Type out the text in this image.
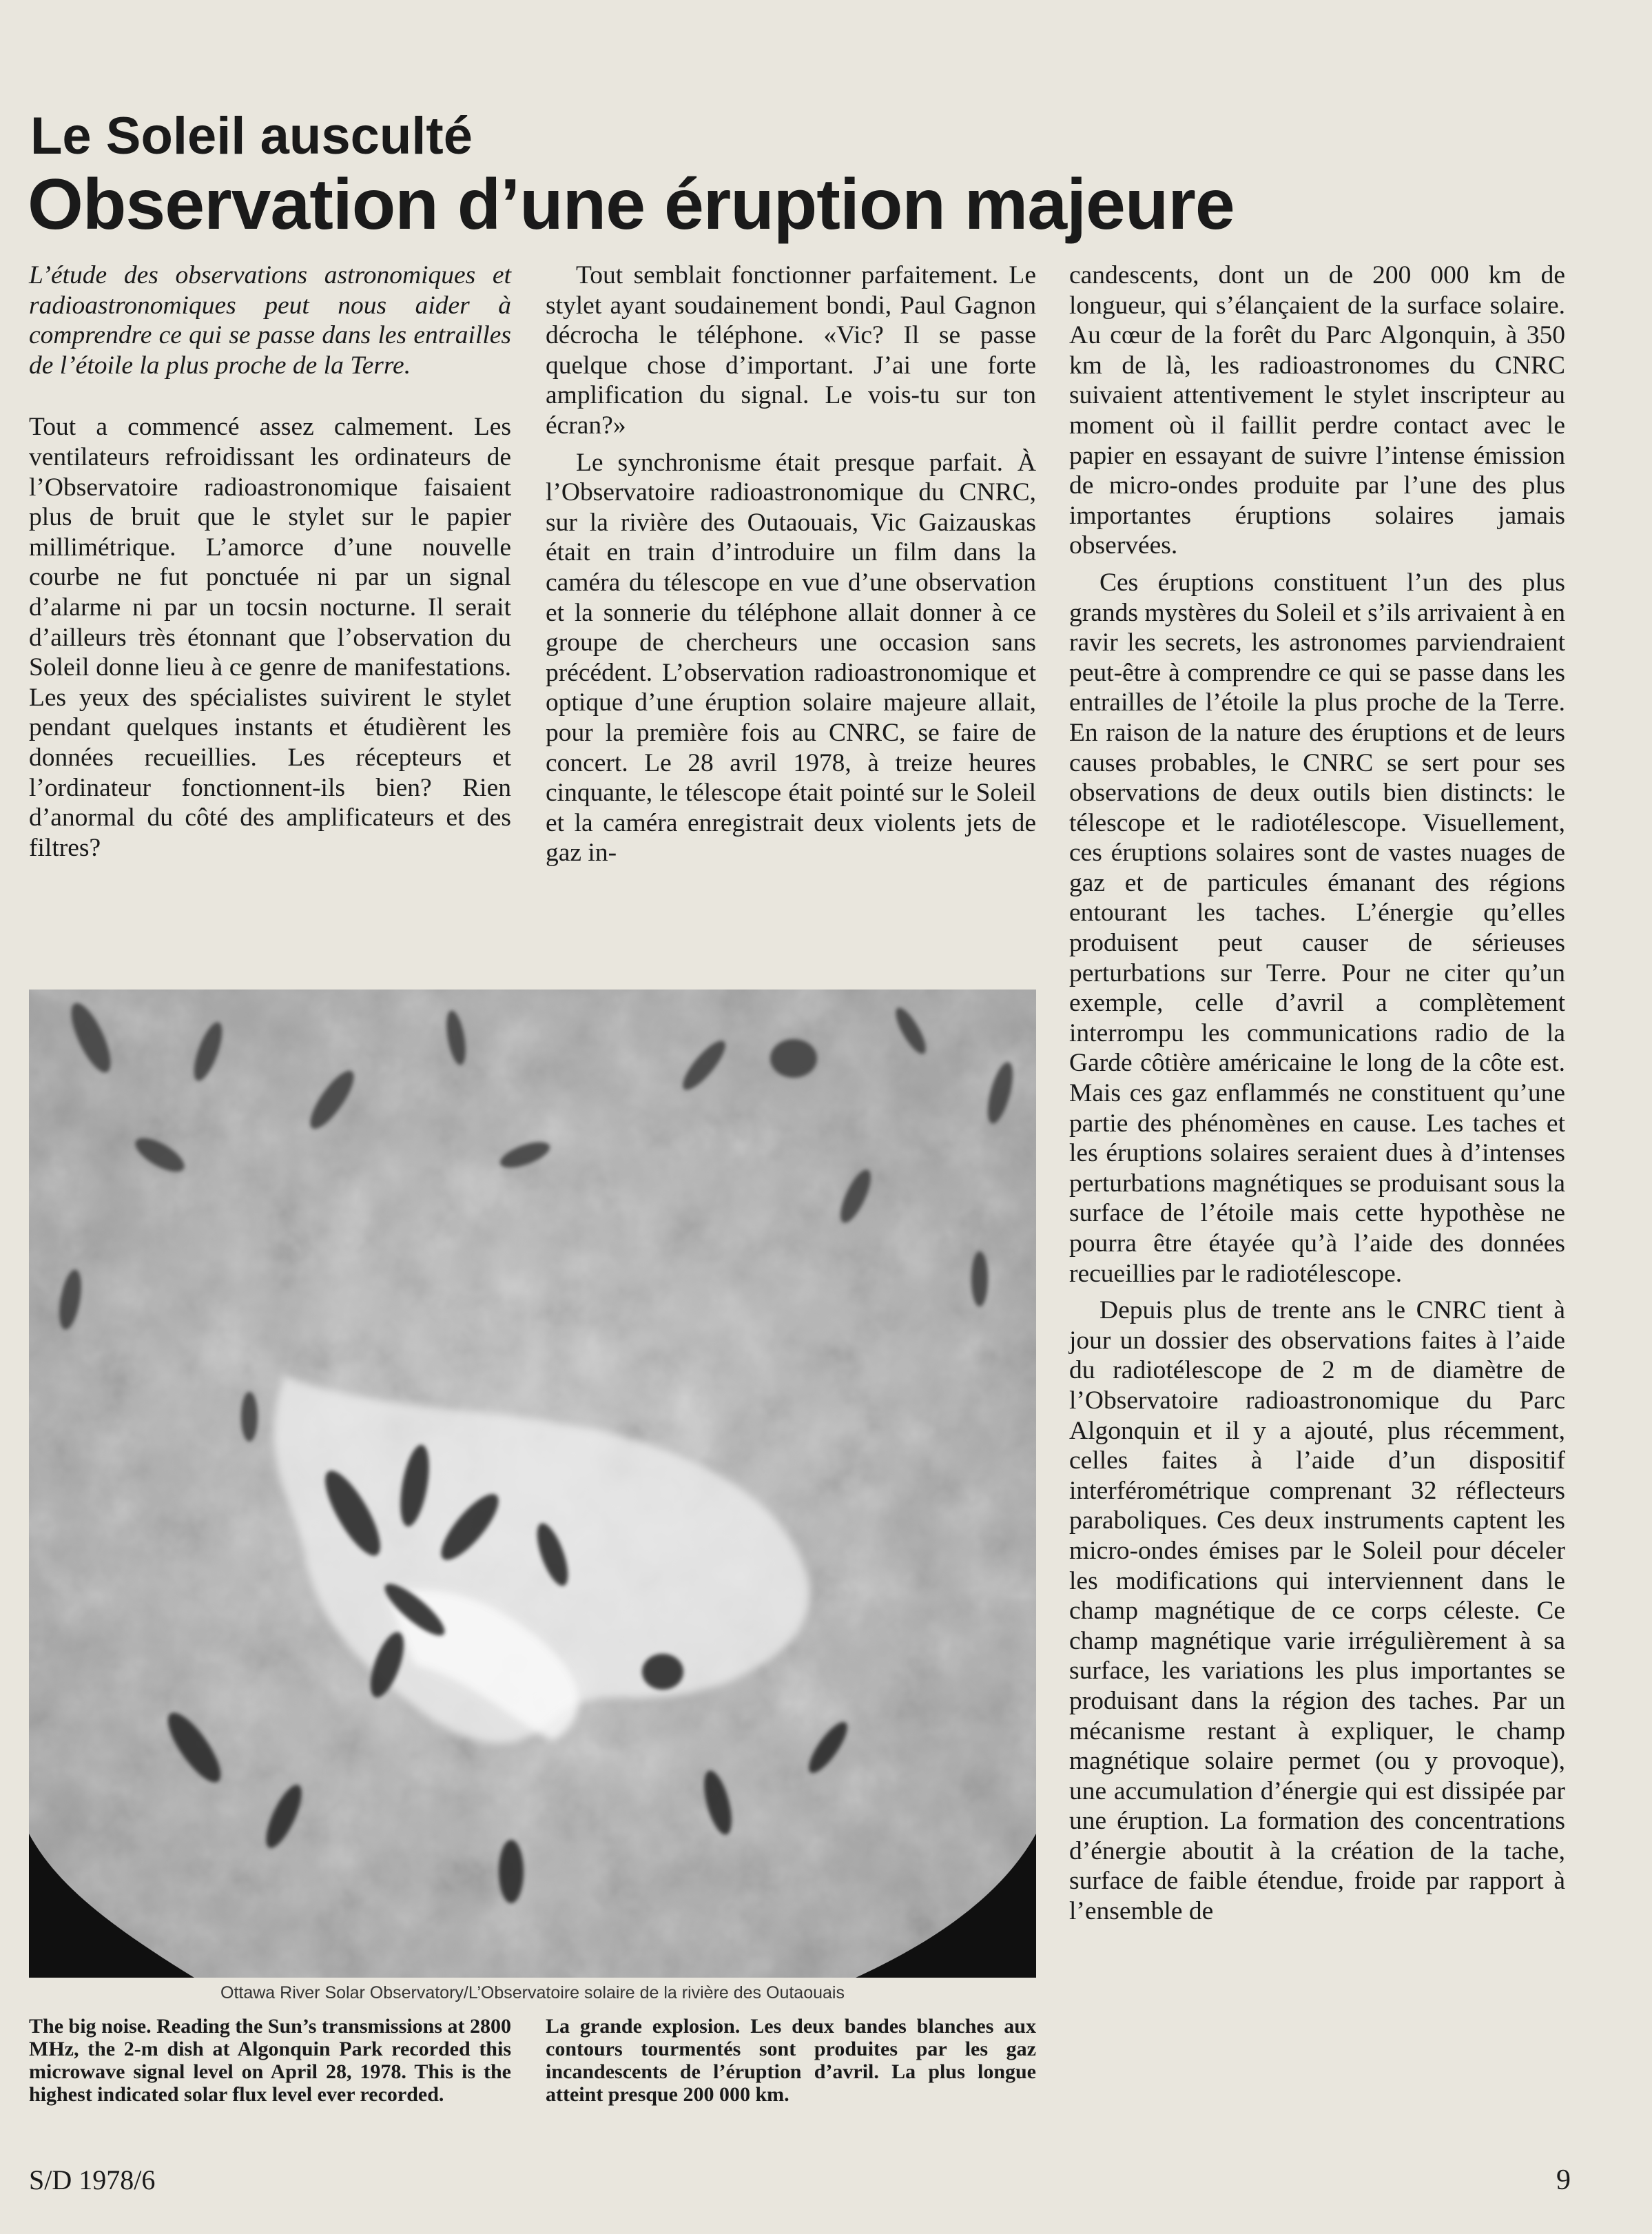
Le Soleil ausculté
Observation d’une éruption majeure

L’étude des observations astronomiques et radioastronomiques peut nous aider à comprendre ce qui se passe dans les entrailles de l’étoile la plus proche de la Terre.

Tout a commencé assez calmement. Les ventilateurs refroidissant les ordinateurs de l’Observatoire radioastronomique faisaient plus de bruit que le stylet sur le papier millimétrique. L’amorce d’une nouvelle courbe ne fut ponctuée ni par un signal d’alarme ni par un tocsin nocturne. Il serait d’ailleurs très étonnant que l’observation du Soleil donne lieu à ce genre de manifestations. Les yeux des spécialistes suivirent le stylet pendant quelques instants et étudièrent les données recueillies. Les récepteurs et l’ordinateur fonctionnent-ils bien? Rien d’anormal du côté des amplificateurs et des filtres?

Tout semblait fonctionner parfaitement. Le stylet ayant soudainement bondi, Paul Gagnon décrocha le téléphone. «Vic? Il se passe quelque chose d’important. J’ai une forte amplification du signal. Le vois-tu sur ton écran?»

Le synchronisme était presque parfait. À l’Observatoire radioastronomique du CNRC, sur la rivière des Outaouais, Vic Gaizauskas était en train d’introduire un film dans la caméra du télescope en vue d’une observation et la sonnerie du téléphone allait donner à ce groupe de chercheurs une occasion sans précédent. L’observation radioastronomique et optique d’une éruption solaire majeure allait, pour la première fois au CNRC, se faire de concert. Le 28 avril 1978, à treize heures cinquante, le télescope était pointé sur le Soleil et la caméra enregistrait deux violents jets de gaz in-

candescents, dont un de 200 000 km de longueur, qui s’élançaient de la surface solaire. Au cœur de la forêt du Parc Algonquin, à 350 km de là, les radioastronomes du CNRC suivaient attentivement le stylet inscripteur au moment où il faillit perdre contact avec le papier en essayant de suivre l’intense émission de micro-ondes produite par l’une des plus importantes éruptions solaires jamais observées.

Ces éruptions constituent l’un des plus grands mystères du Soleil et s’ils arrivaient à en ravir les secrets, les astronomes parviendraient peut-être à comprendre ce qui se passe dans les entrailles de l’étoile la plus proche de la Terre. En raison de la nature des éruptions et de leurs causes probables, le CNRC se sert pour ses observations de deux outils bien distincts: le télescope et le radiotélescope. Visuellement, ces éruptions solaires sont de vastes nuages de gaz et de particules émanant des régions entourant les taches. L’énergie qu’elles produisent peut causer de sérieuses perturbations sur Terre. Pour ne citer qu’un exemple, celle d’avril a complètement interrompu les communications radio de la Garde côtière américaine le long de la côte est. Mais ces gaz enflammés ne constituent qu’une partie des phénomènes en cause. Les taches et les éruptions solaires seraient dues à d’intenses perturbations magnétiques se produisant sous la surface de l’étoile mais cette hypothèse ne pourra être étayée qu’à l’aide des données recueillies par le radiotélescope.

Depuis plus de trente ans le CNRC tient à jour un dossier des observations faites à l’aide du radiotélescope de 2 m de diamètre de l’Observatoire radioastronomique du Parc Algonquin et il y a ajouté, plus récemment, celles faites à l’aide d’un dispositif interférométrique comprenant 32 réflecteurs paraboliques. Ces deux instruments captent les micro-ondes émises par le Soleil pour déceler les modifications qui interviennent dans le champ magnétique de ce corps céleste. Ce champ magnétique varie irrégulièrement à sa surface, les variations les plus importantes se produisant dans la région des taches. Par un mécanisme restant à expliquer, le champ magnétique solaire permet (ou y provoque), une accumulation d’énergie qui est dissipée par une éruption. La formation des concentrations d’énergie aboutit à la création de la tache, surface de faible étendue, froide par rapport à l’ensemble de

Ottawa River Solar Observatory/L’Observatoire solaire de la rivière des Outaouais
The big noise. Reading the Sun’s transmissions at 2800 MHz, the 2-m dish at Algonquin Park recorded this microwave signal level on April 28, 1978. This is the highest indicated solar flux level ever recorded.
La grande explosion. Les deux bandes blanches aux contours tourmentés sont produites par les gaz incandescents de l’éruption d’avril. La plus longue atteint presque 200 000 km.
S/D 1978/6	9
